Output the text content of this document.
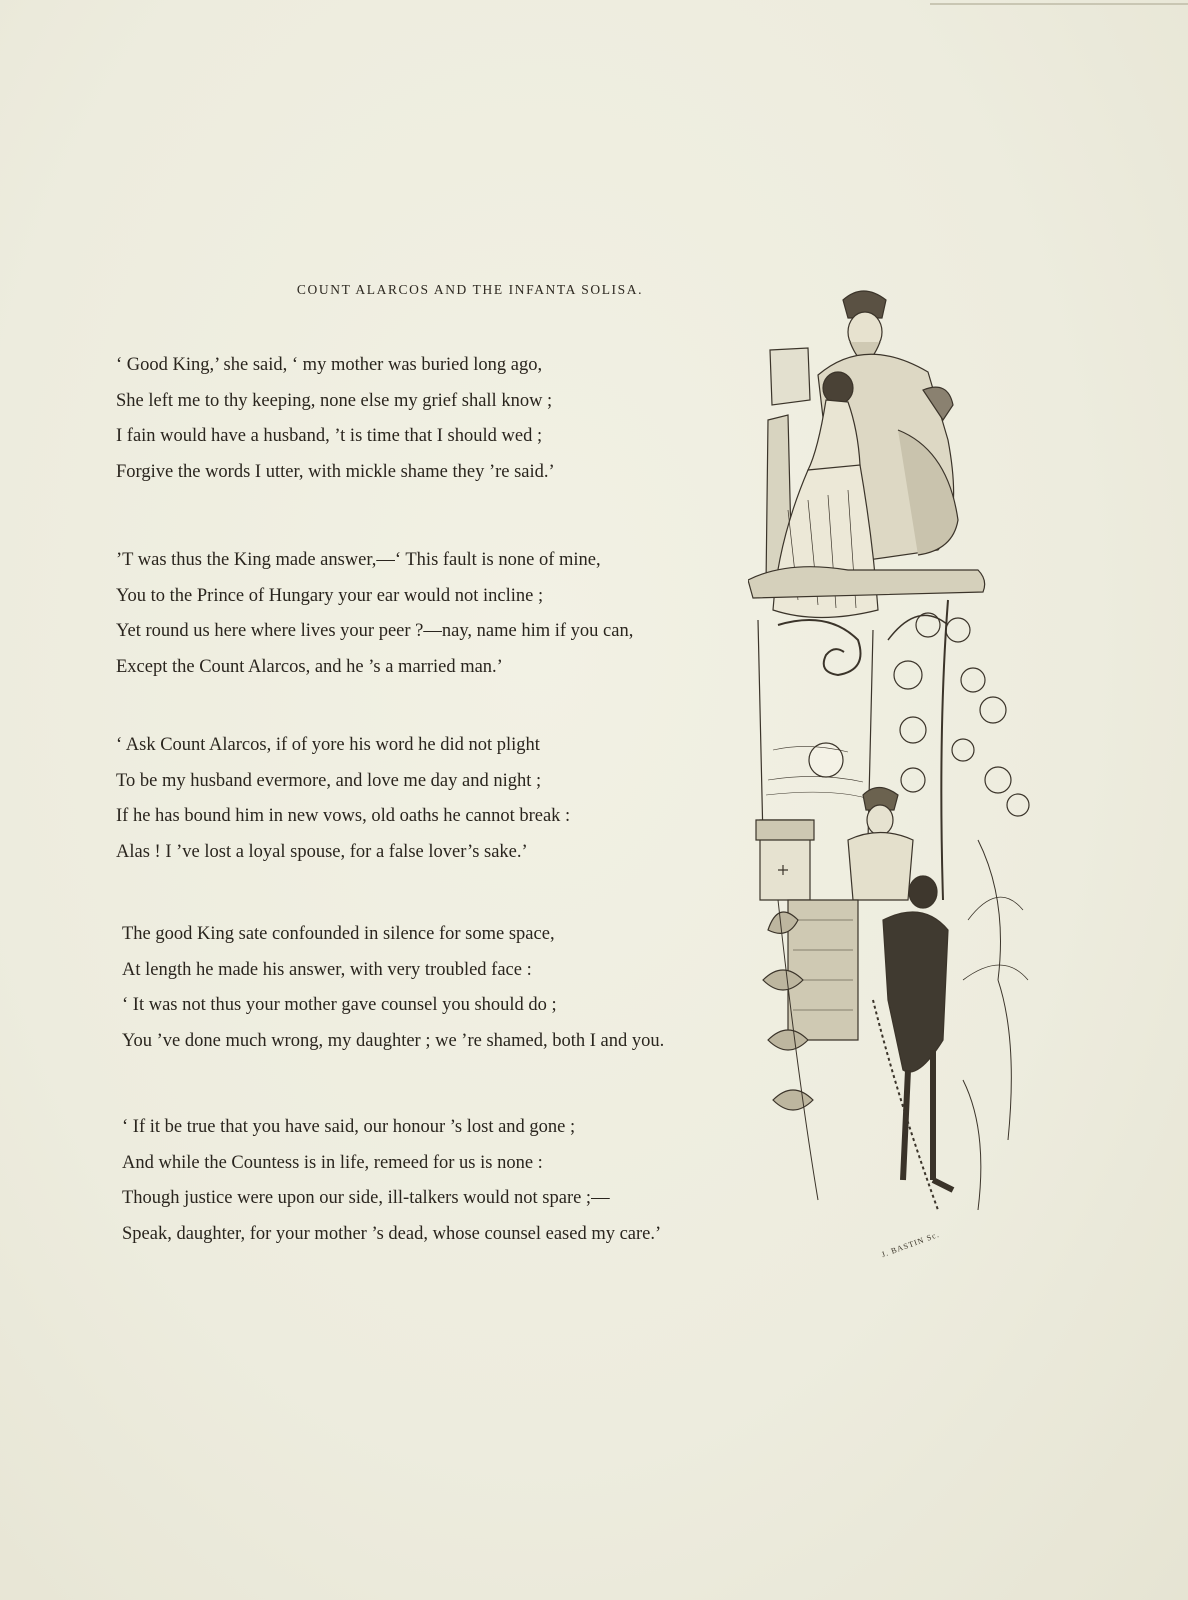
COUNT ALARCOS AND THE INFANTA SOLISA.
‘ Good King,’ she said, ‘ my mother was buried long ago,
She left me to thy keeping, none else my grief shall know ;
I fain would have a husband, ’t is time that I should wed ;
Forgive the words I utter, with mickle shame they ’re said.’
’T was thus the King made answer,—‘ This fault is none of mine,
You to the Prince of Hungary your ear would not incline ;
Yet round us here where lives your peer ?—nay, name him if you can,
Except the Count Alarcos, and he ’s a married man.’
‘ Ask Count Alarcos, if of yore his word he did not plight
To be my husband evermore, and love me day and night ;
If he has bound him in new vows, old oaths he cannot break :
Alas ! I ’ve lost a loyal spouse, for a false lover’s sake.’
The good King sate confounded in silence for some space,
At length he made his answer, with very troubled face :
‘ It was not thus your mother gave counsel you should do ;
You ’ve done much wrong, my daughter ; we ’re shamed, both I and you.
‘ If it be true that you have said, our honour ’s lost and gone ;
And while the Countess is in life, remeed for us is none :
Though justice were upon our side, ill-talkers would not spare ;—
Speak, daughter, for your mother ’s dead, whose counsel eased my care.’	J. BASTIN Sc.
